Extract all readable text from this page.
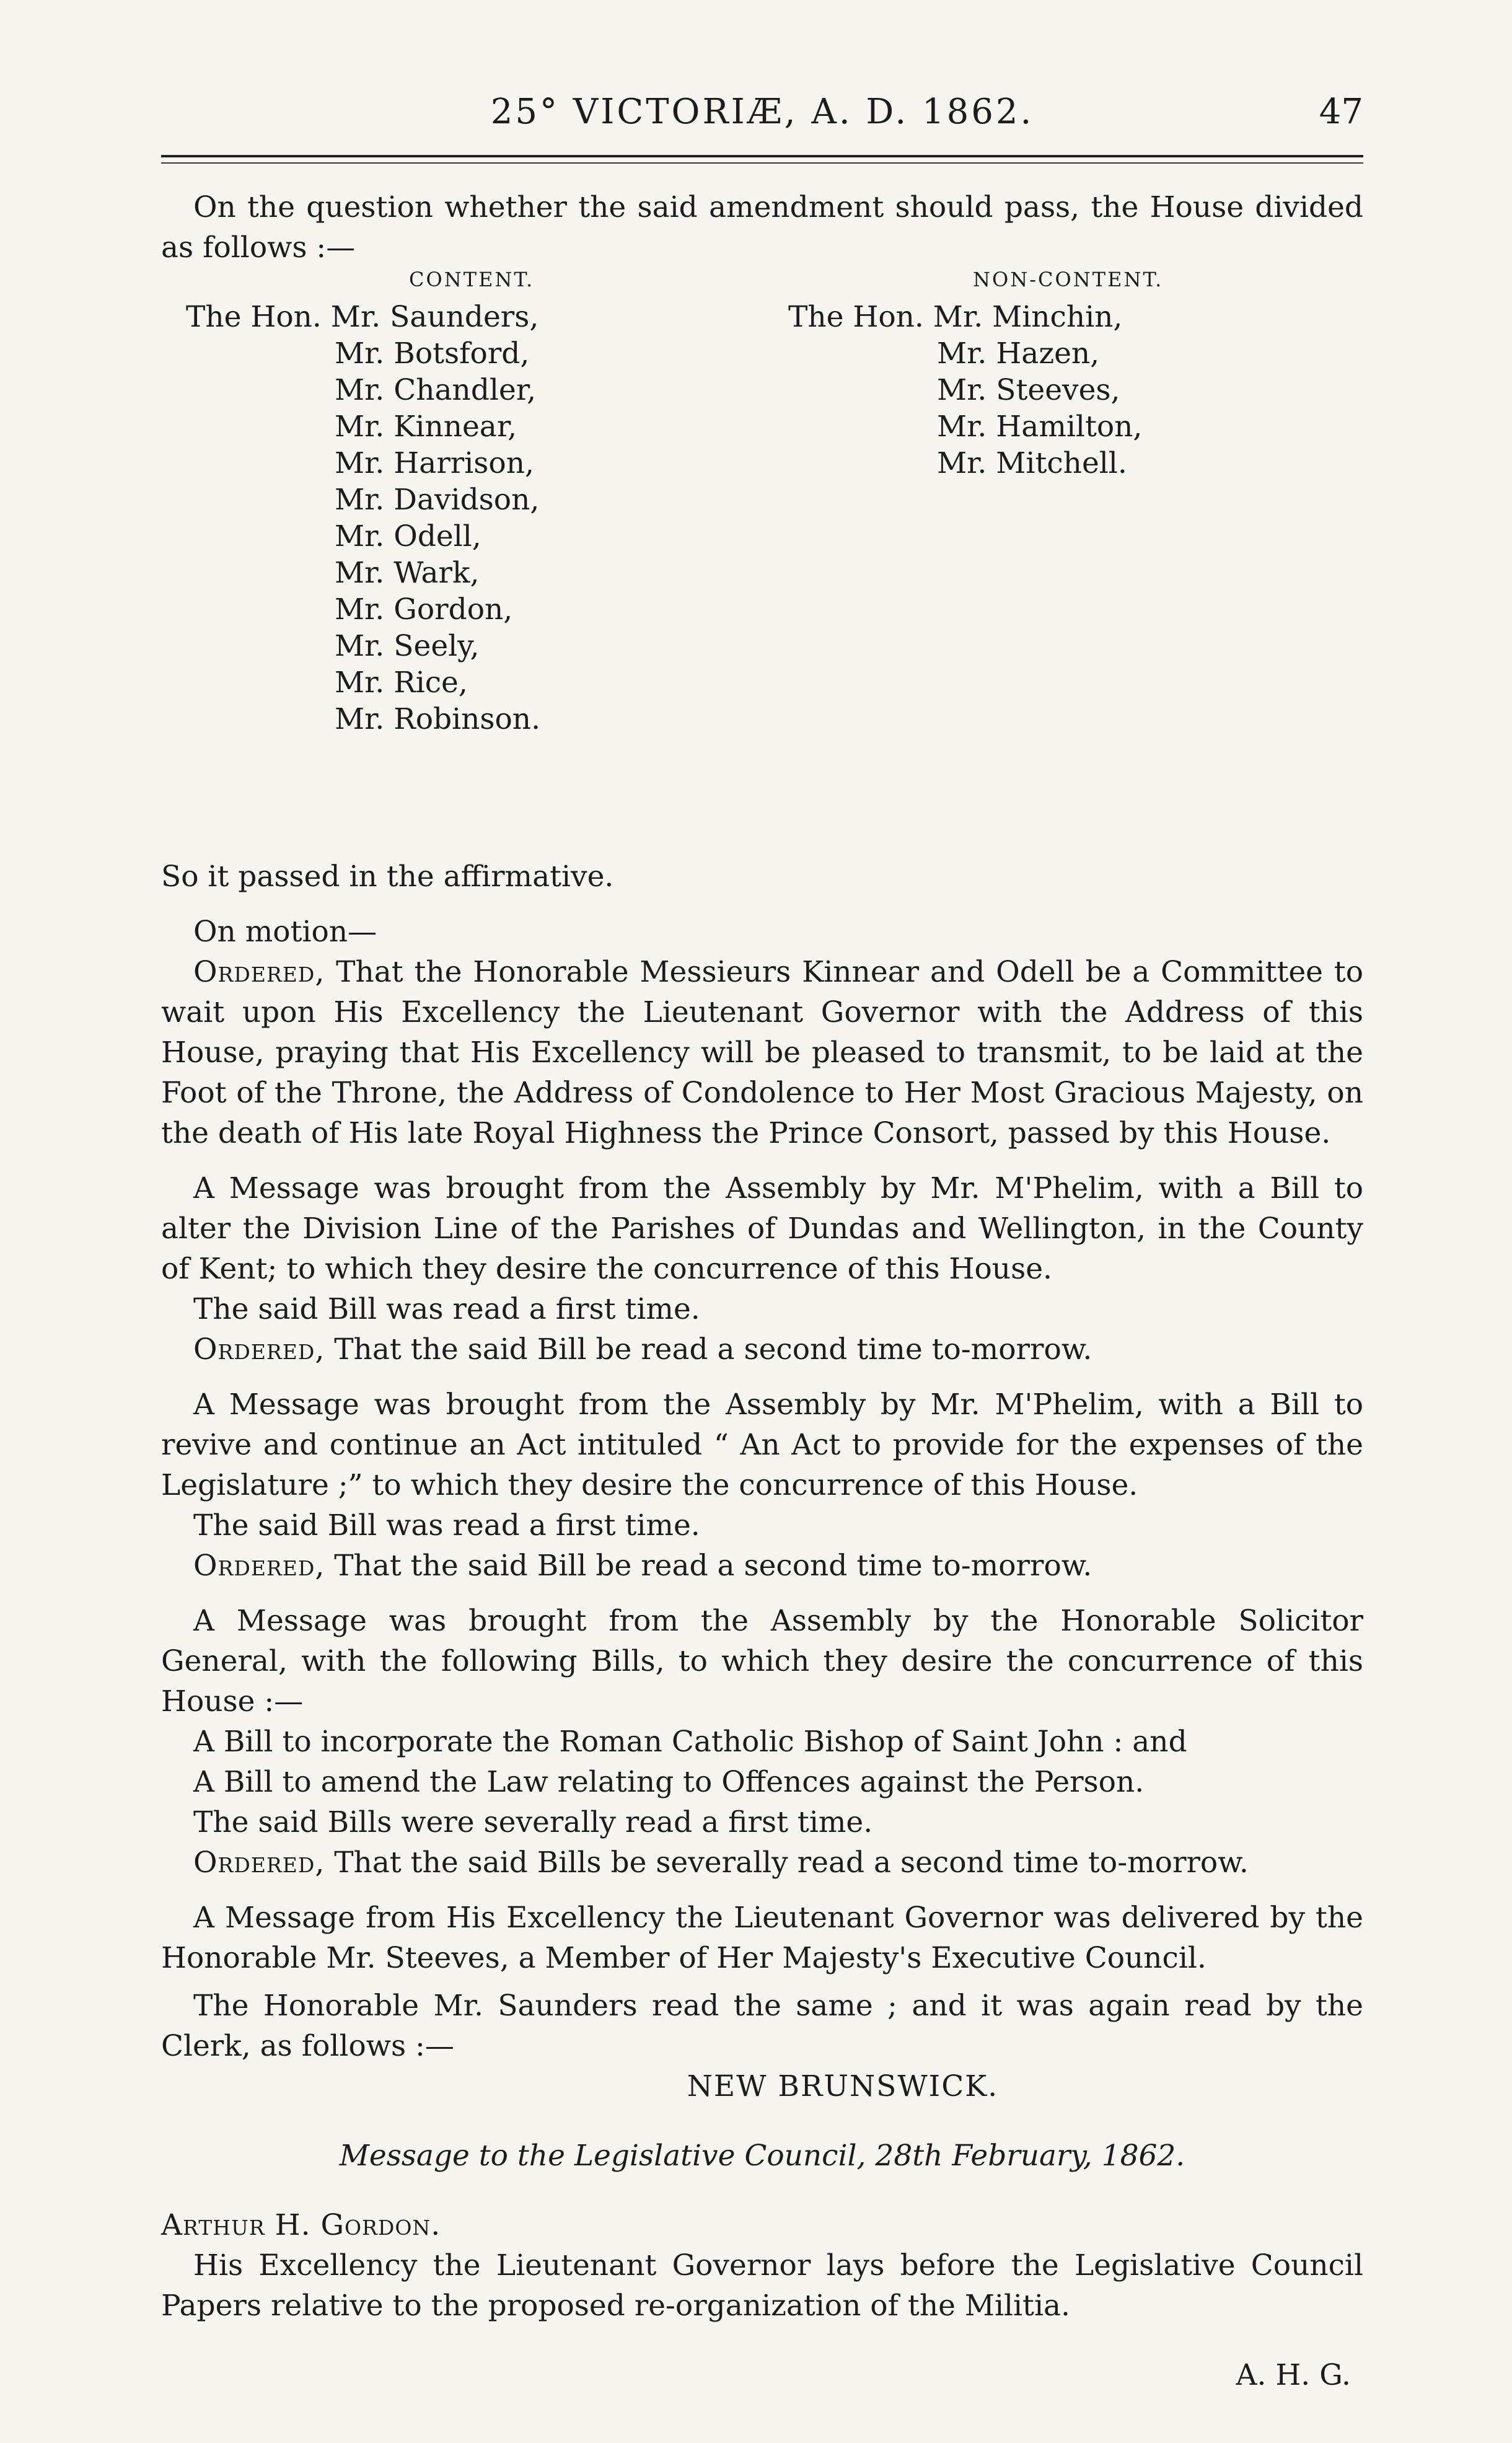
25° VICTORIÆ, A. D. 1862.	47

On the question whether the said amendment should pass, the House divided as follows :—

CONTENT.	NON-CONTENT.
The Hon. Mr. Saunders,
Mr. Botsford,
Mr. Chandler,
Mr. Kinnear,
Mr. Harrison,
Mr. Davidson,
Mr. Odell,
Mr. Wark,
Mr. Gordon,
Mr. Seely,
Mr. Rice,
Mr. Robinson.
The Hon. Mr. Minchin,
Mr. Hazen,
Mr. Steeves,
Mr. Hamilton,
Mr. Mitchell.

So it passed in the affirmative.

On motion—

Ordered, That the Honorable Messieurs Kinnear and Odell be a Committee to wait upon His Excellency the Lieutenant Governor with the Address of this House, praying that His Excellency will be pleased to transmit, to be laid at the Foot of the Throne, the Address of Condolence to Her Most Gracious Majesty, on the death of His late Royal Highness the Prince Consort, passed by this House.

A Message was brought from the Assembly by Mr. M'Phelim, with a Bill to alter the Division Line of the Parishes of Dundas and Wellington, in the County of Kent; to which they desire the concurrence of this House.

The said Bill was read a first time.

Ordered, That the said Bill be read a second time to-morrow.

A Message was brought from the Assembly by Mr. M'Phelim, with a Bill to revive and continue an Act intituled “ An Act to provide for the expenses of the Legislature ;” to which they desire the concurrence of this House.

The said Bill was read a first time.

Ordered, That the said Bill be read a second time to-morrow.

A Message was brought from the Assembly by the Honorable Solicitor General, with the following Bills, to which they desire the concurrence of this House :—

A Bill to incorporate the Roman Catholic Bishop of Saint John : and

A Bill to amend the Law relating to Offences against the Person.

The said Bills were severally read a first time.

Ordered, That the said Bills be severally read a second time to-morrow.

A Message from His Excellency the Lieutenant Governor was delivered by the Honorable Mr. Steeves, a Member of Her Majesty's Executive Council.

The Honorable Mr. Saunders read the same ; and it was again read by the Clerk, as follows :—

NEW BRUNSWICK.

Message to the Legislative Council, 28th February, 1862.

Arthur H. Gordon.

His Excellency the Lieutenant Governor lays before the Legislative Council Papers relative to the proposed re-organization of the Militia.

A. H. G.
